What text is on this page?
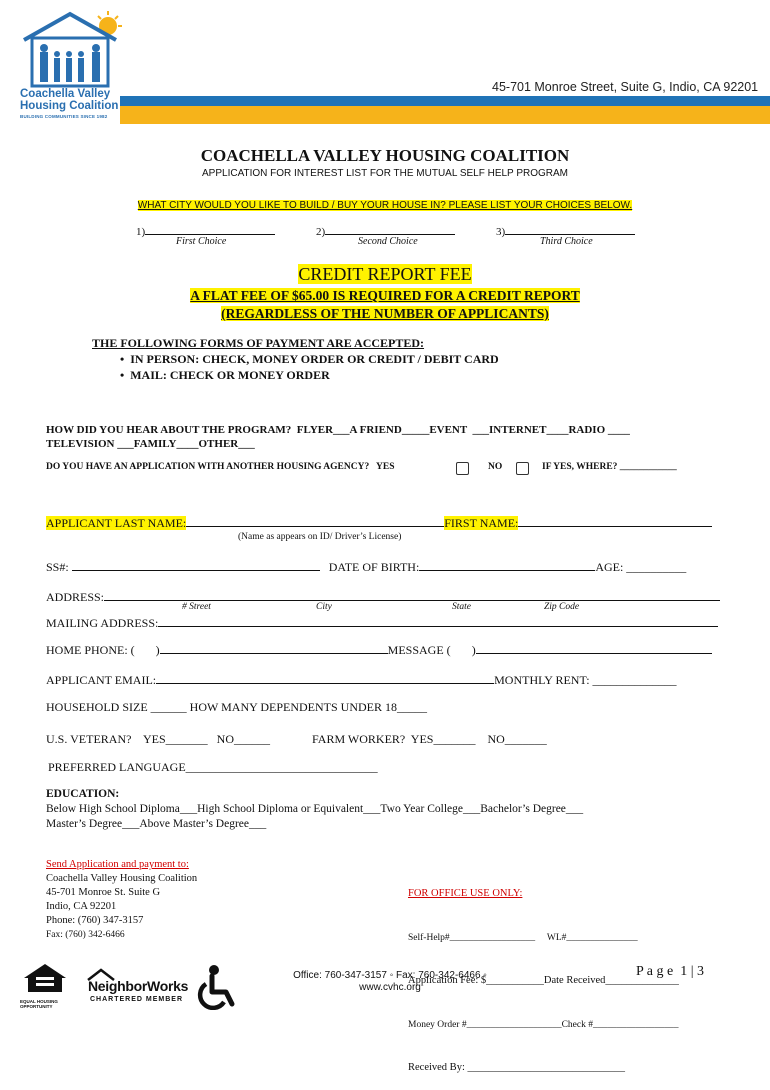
Coachella Valley
Housing Coalition
BUILDING COMMUNITIES SINCE 1982
45-701 Monroe Street, Suite G, Indio, CA 92201
COACHELLA VALLEY HOUSING COALITION
APPLICATION FOR INTEREST LIST FOR THE MUTUAL SELF HELP PROGRAM
WHAT CITY WOULD YOU LIKE TO BUILD / BUY YOUR HOUSE IN? PLEASE LIST YOUR CHOICES BELOW.
1)
First Choice
2)
Second Choice
3)
Third Choice
CREDIT REPORT FEE
A FLAT FEE OF $65.00 IS REQUIRED FOR A CREDIT REPORT
(REGARDLESS OF THE NUMBER OF APPLICANTS)
THE FOLLOWING FORMS OF PAYMENT ARE ACCEPTED:
• IN PERSON: CHECK, MONEY ORDER OR CREDIT / DEBIT CARD
• MAIL: CHECK OR MONEY ORDER
HOW DID YOU HEAR ABOUT THE PROGRAM?  FLYER___A FRIEND_____EVENT  ___INTERNET____RADIO ____
TELEVISION ___FAMILY____OTHER___
DO YOU HAVE AN APPLICATION WITH ANOTHER HOUSING AGENCY?   YES	NO	IF YES, WHERE? ____________
APPLICANT LAST NAME:	FIRST NAME:
(Name as appears on ID/ Driver’s License)
SS#:	DATE OF BIRTH:	AGE: __________
ADDRESS:
# Street	City	State	Zip Code
MAILING ADDRESS:
HOME PHONE: ( )	MESSAGE ( )
APPLICANT EMAIL:	MONTHLY RENT: ______________
HOUSEHOLD SIZE ______ HOW MANY DEPENDENTS UNDER 18_____
U.S. VETERAN?    YES_______   NO______	FARM WORKER?  YES_______    NO_______
PREFERRED LANGUAGE________________________________
EDUCATION:
Below High School Diploma___High School Diploma or Equivalent___Two Year College___Bachelor’s Degree___
Master’s Degree___Above Master’s Degree___
Send Application and payment to:
Coachella Valley Housing Coalition
45-701 Monroe St. Suite G
Indio, CA 92201
Phone: (760) 347-3157
Fax: (760) 342-6466

FOR OFFICE USE ONLY:

Self-Help#__________________     WL#_______________

Application Fee: $___________Date Received______________

Money Order #____________________Check #__________________

Received By: ______________________________

EQUAL HOUSING
OPPORTUNITY
NeighborWorks
CHARTERED MEMBER
Office: 760-347-3157 ◦ Fax: 760-342-6466 ◦
www.cvhc.org
P a g e  1 | 3
